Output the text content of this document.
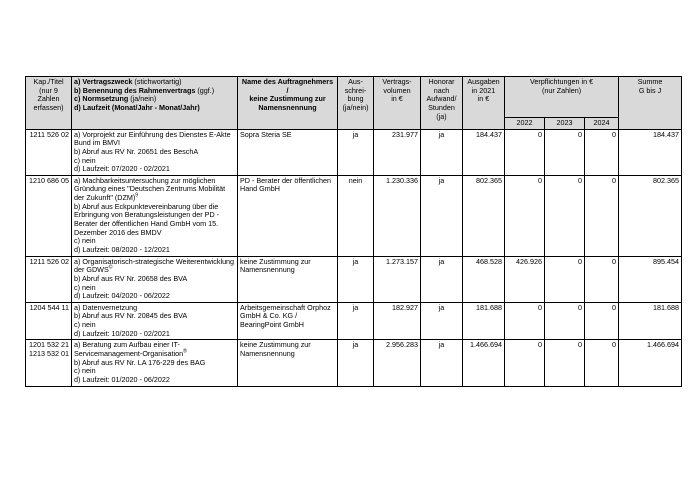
Kap./Titel
(nur 9 Zahlen
erfassen)	a) Vertragszweck (stichwortartig)
b) Benennung des Rahmenvertrags (ggf.)
c) Normsetzung (ja/nein)
d) Laufzeit (Monat/Jahr - Monat/Jahr)	Name des Auftragnehmers
/
keine Zustimmung zur
Namensnennung	Aus-
schrei-
bung
(ja/nein)	Vertrags-
volumen
in €	Honorar
nach
Aufwand/
Stunden
(ja)	Ausgaben
in 2021
in €	Verpflichtungen in €
(nur Zahlen)			Summe
G bis J
							2022	2023	2024	
1211 526 02	a) Vorprojekt zur Einführung des Dienstes E-Akte Bund im BMVI
b) Abruf aus RV Nr. 20651 des BeschA
c) nein
d) Laufzeit: 07/2020 - 02/2021	Sopra Steria SE	ja	231.977	ja	184.437	0	0	0	184.437
1210 686 05	a) Machbarkeitsuntersuchung zur möglichen Gründung eines "Deutschen Zentrums Mobilität der Zukunft" (DZM)$^9$
b) Abruf aus Eckpunktevereinbarung über die Erbringung von Beratungsleistungen der PD - Berater der öffentlichen Hand GmbH vom 15. Dezember 2016 des BMDV
c) nein
d) Laufzeit: 08/2020 - 12/2021	PD - Berater der öffentlichen Hand GmbH	nein	1.230.336	ja	802.365	0	0	0	802.365
1211 526 02	a) Organisatorisch-strategische Weiterentwicklung der GDWS©
b) Abruf aus RV Nr. 20658 des BVA
c) nein
d) Laufzeit: 04/2020 - 06/2022	keine Zustimmung zur Namensnennung	ja	1.273.157	ja	468.528	426.926	0	0	895.454
1204 544 11	a) Datenvernetzung
b) Abruf aus RV Nr. 20845 des BVA
c) nein
d) Laufzeit: 10/2020 - 02/2021	Arbeitsgemeinschaft Orphoz GmbH & Co. KG / BearingPoint GmbH	ja	182.927	ja	181.688	0	0	0	181.688
1201 532 21
1213 532 01	a) Beratung zum Aufbau einer IT-Servicemanagement-Organisation®
b) Abruf aus RV Nr. LA 176-229 des BAG
c) nein
d) Laufzeit: 01/2020 - 06/2022	keine Zustimmung zur Namensnennung	ja	2.956.283	ja	1.466.694	0	0	0	1.466.694
